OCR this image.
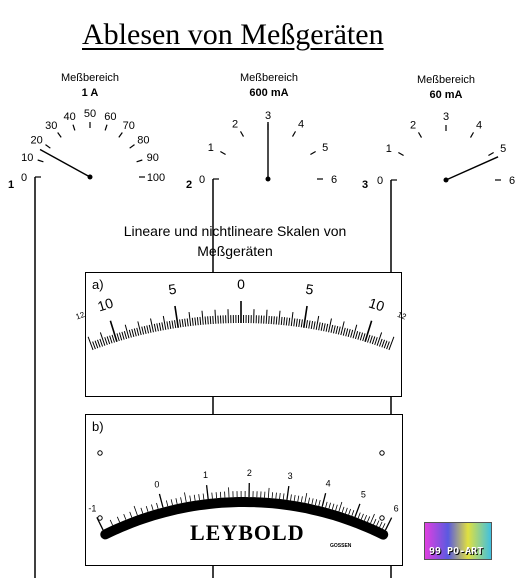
Ablesen von Meßgeräten
Meßbereich
1 A
Meßbereich
600 mA
Meßbereich
60 mA
1	2	3
0
10
20
30
40 50 60
70
80
90
100	0
1
2
3
4
5
6	0
1
2
3
4
5
6
Lineare und nichtlineare Skalen von Meßgeräten
a)
12
10
5	0	5
10
12
b)
-1
0
1	2	3
4
5
6
LEYBOLD
GOSSEN	99 PO-ART
